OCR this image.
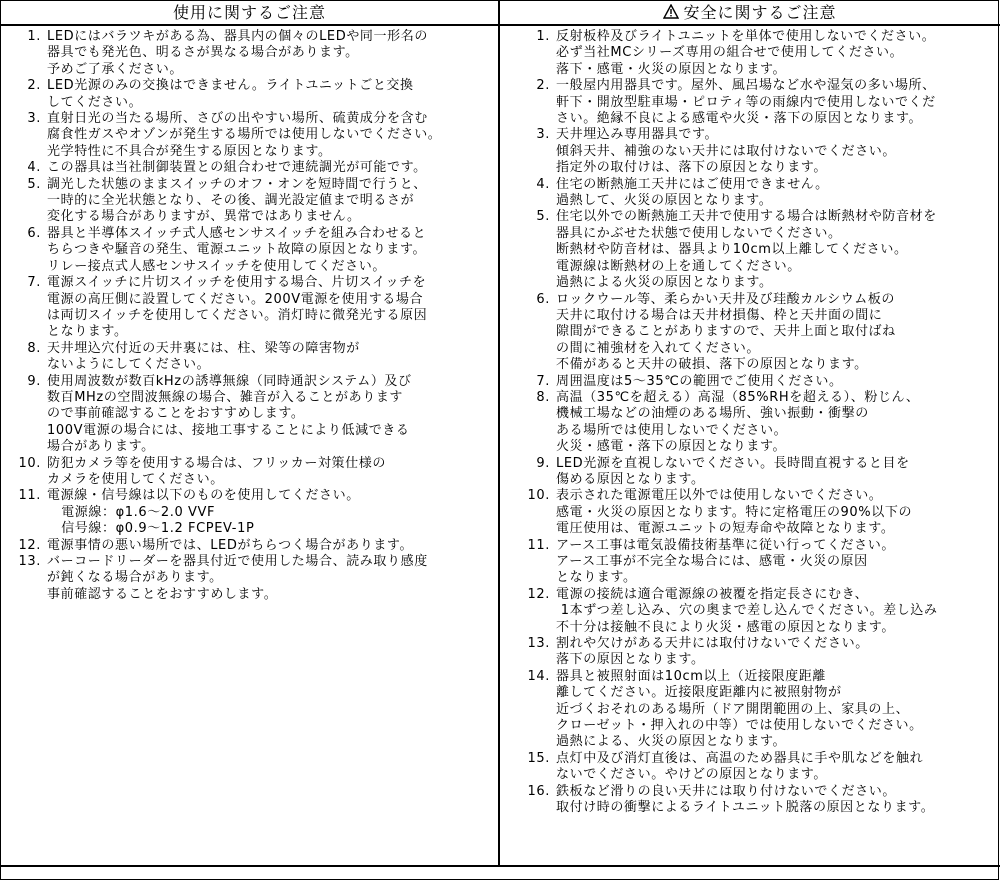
使用に関するご注意
1. LEDにはバラツキがある為、器具内の個々のLEDや同一形名の
器具でも発光色、明るさが異なる場合があります。
予めご了承ください。
2. LED光源のみの交換はできません。ライトユニットごと交換
してください。
3. 直射日光の当たる場所、さびの出やすい場所、硫黄成分を含む
腐食性ガスやオゾンが発生する場所では使用しないでください。
光学特性に不具合が発生する原因となります。
4. この器具は当社制御装置との組合わせで連続調光が可能です。
5. 調光した状態のままスイッチのオフ・オンを短時間で行うと、
一時的に全光状態となり、その後、調光設定値まで明るさが
変化する場合がありますが、異常ではありません。
6. 器具と半導体スイッチ式人感センサスイッチを組み合わせると
ちらつきや騒音の発生、電源ユニット故障の原因となります。
リレー接点式人感センサスイッチを使用してください。
7. 電源スイッチに片切スイッチを使用する場合、片切スイッチを
電源の高圧側に設置してください。200V電源を使用する場合
は両切スイッチを使用してください。消灯時に微発光する原因
となります。
8. 天井埋込穴付近の天井裏には、柱、梁等の障害物が
ないようにしてください。
9. 使用周波数が数百kHzの誘導無線（同時通訳システム）及び
数百MHzの空間波無線の場合、雑音が入ることがあります
ので事前確認することをおすすめします。
100V電源の場合には、接地工事することにより低減できる
場合があります。
10. 防犯カメラ等を使用する場合は、フリッカー対策仕様の
カメラを使用してください。
11. 電源線・信号線は以下のものを使用してください。
電源線：φ1.6～2.0 VVF
信号線：φ0.9～1.2 FCPEV-1P
12. 電源事情の悪い場所では、LEDがちらつく場合があります。
13. バーコードリーダーを器具付近で使用した場合、読み取り感度
が鈍くなる場合があります。
事前確認することをおすすめします。
安全に関するご注意
1. 反射板枠及びライトユニットを単体で使用しないでください。
必ず当社MCシリーズ専用の組合せで使用してください。
落下・感電・火災の原因となります。
2. 一般屋内用器具です。屋外、風呂場など水や湿気の多い場所、
軒下・開放型駐車場・ピロティ等の雨線内で使用しないでくだ
さい。絶縁不良による感電や火災・落下の原因となります。
3. 天井埋込み専用器具です。
傾斜天井、補強のない天井には取付けないでください。
指定外の取付けは、落下の原因となります。
4. 住宅の断熱施工天井にはご使用できません。
過熱して、火災の原因となります。
5. 住宅以外での断熱施工天井で使用する場合は断熱材や防音材を
器具にかぶせた状態で使用しないでください。
断熱材や防音材は、器具より10cm以上離してください。
電源線は断熱材の上を通してください。
過熱による火災の原因となります。
6. ロックウール等、柔らかい天井及び珪酸カルシウム板の
天井に取付ける場合は天井材損傷、枠と天井面の間に
隙間ができることがありますので、天井上面と取付ばね
の間に補強材を入れてください。
不備があると天井の破損、落下の原因となります。
7. 周囲温度は5～35℃の範囲でご使用ください。
8. 高温（35℃を超える）高湿（85%RHを超える）、粉じん、
機械工場などの油煙のある場所、強い振動・衝撃の
ある場所では使用しないでください。
火災・感電・落下の原因となります。
9. LED光源を直視しないでください。長時間直視すると目を
傷める原因となります。
10. 表示された電源電圧以外では使用しないでください。
感電・火災の原因となります。特に定格電圧の90%以下の
電圧使用は、電源ユニットの短寿命や故障となります。
11. アース工事は電気設備技術基準に従い行ってください。
アース工事が不完全な場合には、感電・火災の原因
となります。
12. 電源の接続は適合電源線の被覆を指定長さにむき、
1本ずつ差し込み、穴の奥まで差し込んでください。差し込み
不十分は接触不良により火災・感電の原因となります。
13. 割れや欠けがある天井には取付けないでください。
落下の原因となります。
14. 器具と被照射面は10cm以上（近接限度距離
離してください。近接限度距離内に被照射物が
近づくおそれのある場所（ドア開閉範囲の上、家具の上、
クローゼット・押入れの中等）では使用しないでください。
過熱による、火災の原因となります。
15. 点灯中及び消灯直後は、高温のため器具に手や肌などを触れ
ないでください。やけどの原因となります。
16. 鉄板など滑りの良い天井には取り付けないでください。
取付け時の衝撃によるライトユニット脱落の原因となります。
